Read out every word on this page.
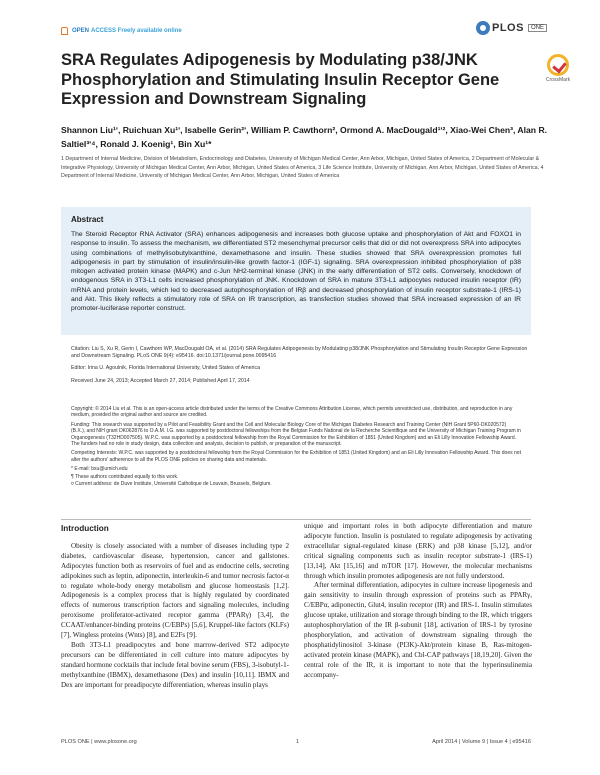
OPEN ACCESS Freely available online	PLOS	ONE
SRA Regulates Adipogenesis by Modulating p38/JNK Phosphorylation and Stimulating Insulin Receptor Gene Expression and Downstream Signaling
CrossMark

Shannon Liu¹ʹ, Ruichuan Xu¹ʹ, Isabelle Gerin²ʹ, William P. Cawthorn², Ormond A. MacDougald¹ʹ², Xiao-Wei Chen³, Alan R. Saltiel³ʹ⁴, Ronald J. Koenig¹, Bin Xu¹*

1 Department of Internal Medicine, Division of Metabolism, Endocrinology and Diabetes, University of Michigan Medical Center, Ann Arbor, Michigan, United States of America, 2 Department of Molecular & Integrative Physiology, University of Michigan Medical Center, Ann Arbor, Michigan, United States of America, 3 Life Science Institute, University of Michigan, Ann Arbor, Michigan, United States of America, 4 Department of Internal Medicine, University of Michigan Medical Center, Ann Arbor, Michigan, United States of America

Abstract

The Steroid Receptor RNA Activator (SRA) enhances adipogenesis and increases both glucose uptake and phosphorylation of Akt and FOXO1 in response to insulin. To assess the mechanism, we differentiated ST2 mesenchymal precursor cells that did or did not overexpress SRA into adipocytes using combinations of methylisobutylxanthine, dexamethasone and insulin. These studies showed that SRA overexpression promotes full adipogenesis in part by stimulation of insulin/insulin-like growth factor-1 (IGF-1) signaling. SRA overexpression inhibited phosphorylation of p38 mitogen activated protein kinase (MAPK) and c-Jun NH2-terminal kinase (JNK) in the early differentiation of ST2 cells. Conversely, knockdown of endogenous SRA in 3T3-L1 cells increased phosphorylation of JNK. Knockdown of SRA in mature 3T3-L1 adipocytes reduced insulin receptor (IR) mRNA and protein levels, which led to decreased autophosphorylation of IRβ and decreased phosphorylation of insulin receptor substrate-1 (IRS-1) and Akt. This likely reflects a stimulatory role of SRA on IR transcription, as transfection studies showed that SRA increased expression of an IR promoter-luciferase reporter construct.

Citation: Liu S, Xu R, Gerin I, Cawthorn WP, MacDougald OA, et al. (2014) SRA Regulates Adipogenesis by Modulating p38/JNK Phosphorylation and Stimulating Insulin Receptor Gene Expression and Downstream Signaling. PLoS ONE 9(4): e95416. doi:10.1371/journal.pone.0095416

Editor: Irina U. Agoulnik, Florida International University, United States of America

Received June 24, 2013; Accepted March 27, 2014; Published April 17, 2014

Introduction

Obesity is closely associated with a number of diseases including type 2 diabetes, cardiovascular disease, hypertension, cancer and gallstones. Adipocytes function both as reservoirs of fuel and as endocrine cells, secreting adipokines such as leptin, adiponectin, interleukin-6 and tumor necrosis factor-α to regulate whole-body energy metabolism and glucose homeostasis [1,2]. Adipogenesis is a complex process that is highly regulated by coordinated effects of numerous transcription factors and signaling molecules, including peroxisome proliferator-activated receptor gamma (PPARγ) [3,4], the CCAAT/enhancer-binding proteins (C/EBPs) [5,6], Kruppel-like factors (KLFs) [7], Wingless proteins (Wnts) [8], and E2Fs [9].

Both 3T3-L1 preadipocytes and bone marrow-derived ST2 adipocyte precursors can be differentiated in cell culture into mature adipocytes by standard hormone cocktails that include fetal bovine serum (FBS), 3-isobutyl-1-methylxanthine (IBMX), dexamethasone (Dex) and insulin [10,11]. IBMX and Dex are important for preadipocyte differentiation, whereas insulin plays

unique and important roles in both adipocyte differentiation and mature adipocyte function. Insulin is postulated to regulate adipogenesis by activating extracellular signal-regulated kinase (ERK) and p38 kinase [5,12], and/or critical signaling components such as insulin receptor substrate-1 (IRS-1) [13,14], Akt [15,16] and mTOR [17]. However, the molecular mechanisms through which insulin promotes adipogenesis are not fully understood.

After terminal differentiation, adipocytes in culture increase lipogenesis and gain sensitivity to insulin through expression of proteins such as PPARγ, C/EBPα, adiponectin, Glut4, insulin receptor (IR) and IRS-1. Insulin stimulates glucose uptake, utilization and storage through binding to the IR, which triggers autophosphorylation of the IR β-subunit [18], activation of IRS-1 by tyrosine phosphorylation, and activation of downstream signaling through the phosphatidylinositol 3-kinase (PI3K)-Akt/protein kinase B, Ras-mitogen-activated protein kinase (MAPK), and Cbl-CAP pathways [18,19,20]. Given the central role of the IR, it is important to note that the hyperinsulinemia accompany-

PLOS ONE | www.plosone.org	1	April 2014 | Volume 9 | Issue 4 | e95416

Copyright: © 2014 Liu et al. This is an open-access article distributed under the terms of the Creative Commons Attribution License, which permits unrestricted use, distribution, and reproduction in any medium, provided the original author and source are credited.

Funding: This research was supported by a Pilot and Feasibility Grant and the Cell and Molecular Biology Core of the Michigan Diabetes Research and Training Center (NIH Grant 5P60-DK020572) (B.X.), and NIH grant DK062876 to O.A.M. I.G. was supported by postdoctoral fellowships from the Belgian Funds National de la Recherche Scientifique and the University of Michigan Training Program in Organogenesis (T32HD007505). W.P.C. was supported by a postdoctoral fellowship from the Royal Commission for the Exhibition of 1851 (United Kingdom) and an Eli Lilly Innovation Fellowship Award. The funders had no role in study design, data collection and analysis, decision to publish, or preparation of the manuscript.

Competing Interests: W.P.C. was supported by a postdoctoral fellowship from the Royal Commission for the Exhibition of 1851 (United Kingdom) and an Eli Lilly Innovation Fellowship Award. This does not alter the authors' adherence to all the PLOS ONE policies on sharing data and materials.

* E-mail: bxu@umich.edu

¶ These authors contributed equally to this work.

¤ Current address: de Duve Institute, Université Catholique de Louvain, Brussels, Belgium.
